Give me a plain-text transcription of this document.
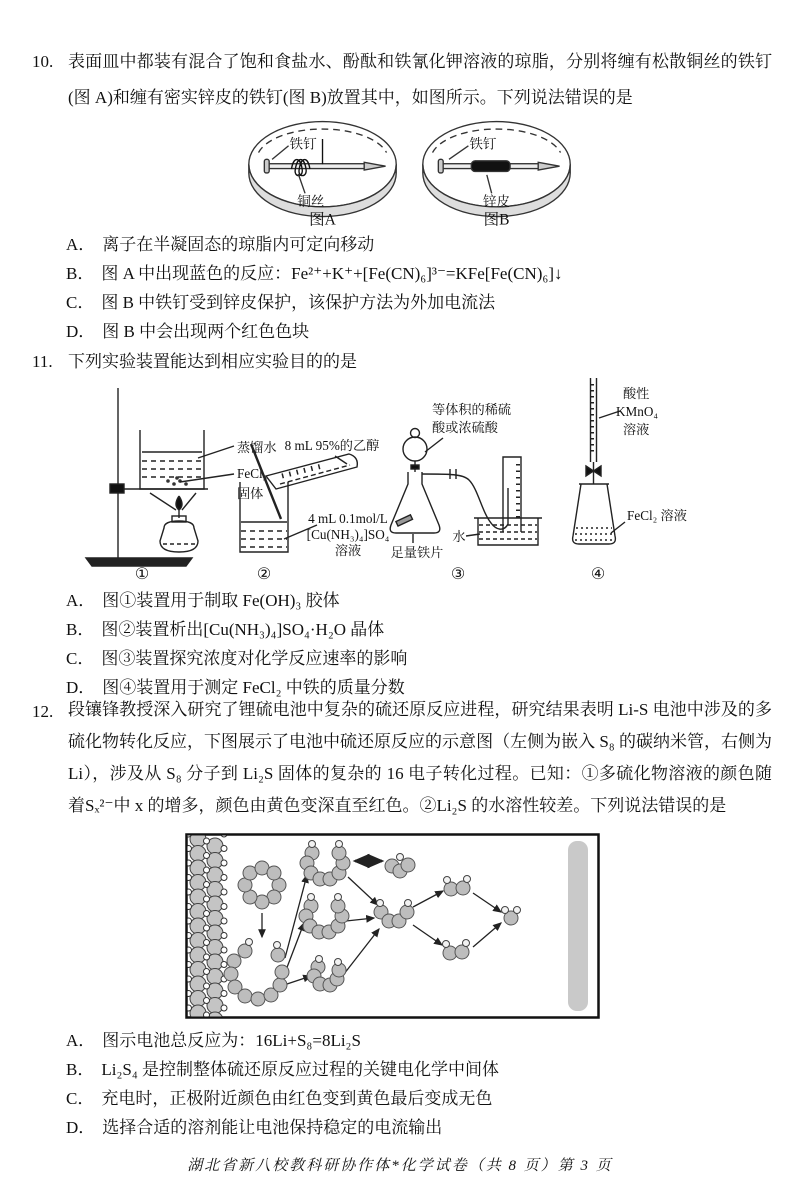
10. 表面皿中都装有混合了饱和食盐水、酚酞和铁氰化钾溶液的琼脂，分别将缠有松散铜丝的铁钉(图 A)和缠有密实锌皮的铁钉(图 B)放置其中，如图所示。下列说法错误的是
铁钉
铜丝
图A
铁钉
锌皮
图B
A． 离子在半凝固态的琼脂内可定向移动
B． 图 A 中出现蓝色的反应：Fe²⁺+K⁺+[Fe(CN)₆]³⁻=KFe[Fe(CN)₆]↓
C． 图 B 中铁钉受到锌皮保护，该保护方法为外加电流法
D． 图 B 中会出现两个红色色块
11. 下列实验装置能达到相应实验目的的是
蒸馏水
FeCl₃
固体
①
8 mL 95%的乙醇
4 mL 0.1mol/L
[Cu(NH₃)₄]SO₄
溶液
②
等体积的稀硫
酸或浓硫酸
足量铁片
水
③
酸性
KMnO₄
溶液
FeCl₂ 溶液
④
A． 图①装置用于制取 Fe(OH)₃ 胶体
B． 图②装置析出[Cu(NH₃)₄]SO₄·H₂O 晶体
C． 图③装置探究浓度对化学反应速率的影响
D． 图④装置用于测定 FeCl₂ 中铁的质量分数
12. 段镶锋教授深入研究了锂硫电池中复杂的硫还原反应进程，研究结果表明 Li-S 电池中涉及的多硫化物转化反应，下图展示了电池中硫还原反应的示意图（左侧为嵌入 S₈ 的碳纳米管，右侧为 Li），涉及从 S₈ 分子到 Li₂S 固体的复杂的 16 电子转化过程。已知：①多硫化物溶液的颜色随着Sₓ²⁻中 x 的增多，颜色由黄色变深直至红色。②Li₂S 的水溶性较差。下列说法错误的是
A． 图示电池总反应为：16Li+S₈=8Li₂S
B． Li₂S₄ 是控制整体硫还原反应过程的关键电化学中间体
C． 充电时，正极附近颜色由红色变到黄色最后变成无色
D． 选择合适的溶剂能让电池保持稳定的电流输出
湖北省新八校教科研协作体*化学试卷（共 8 页）第 3 页
